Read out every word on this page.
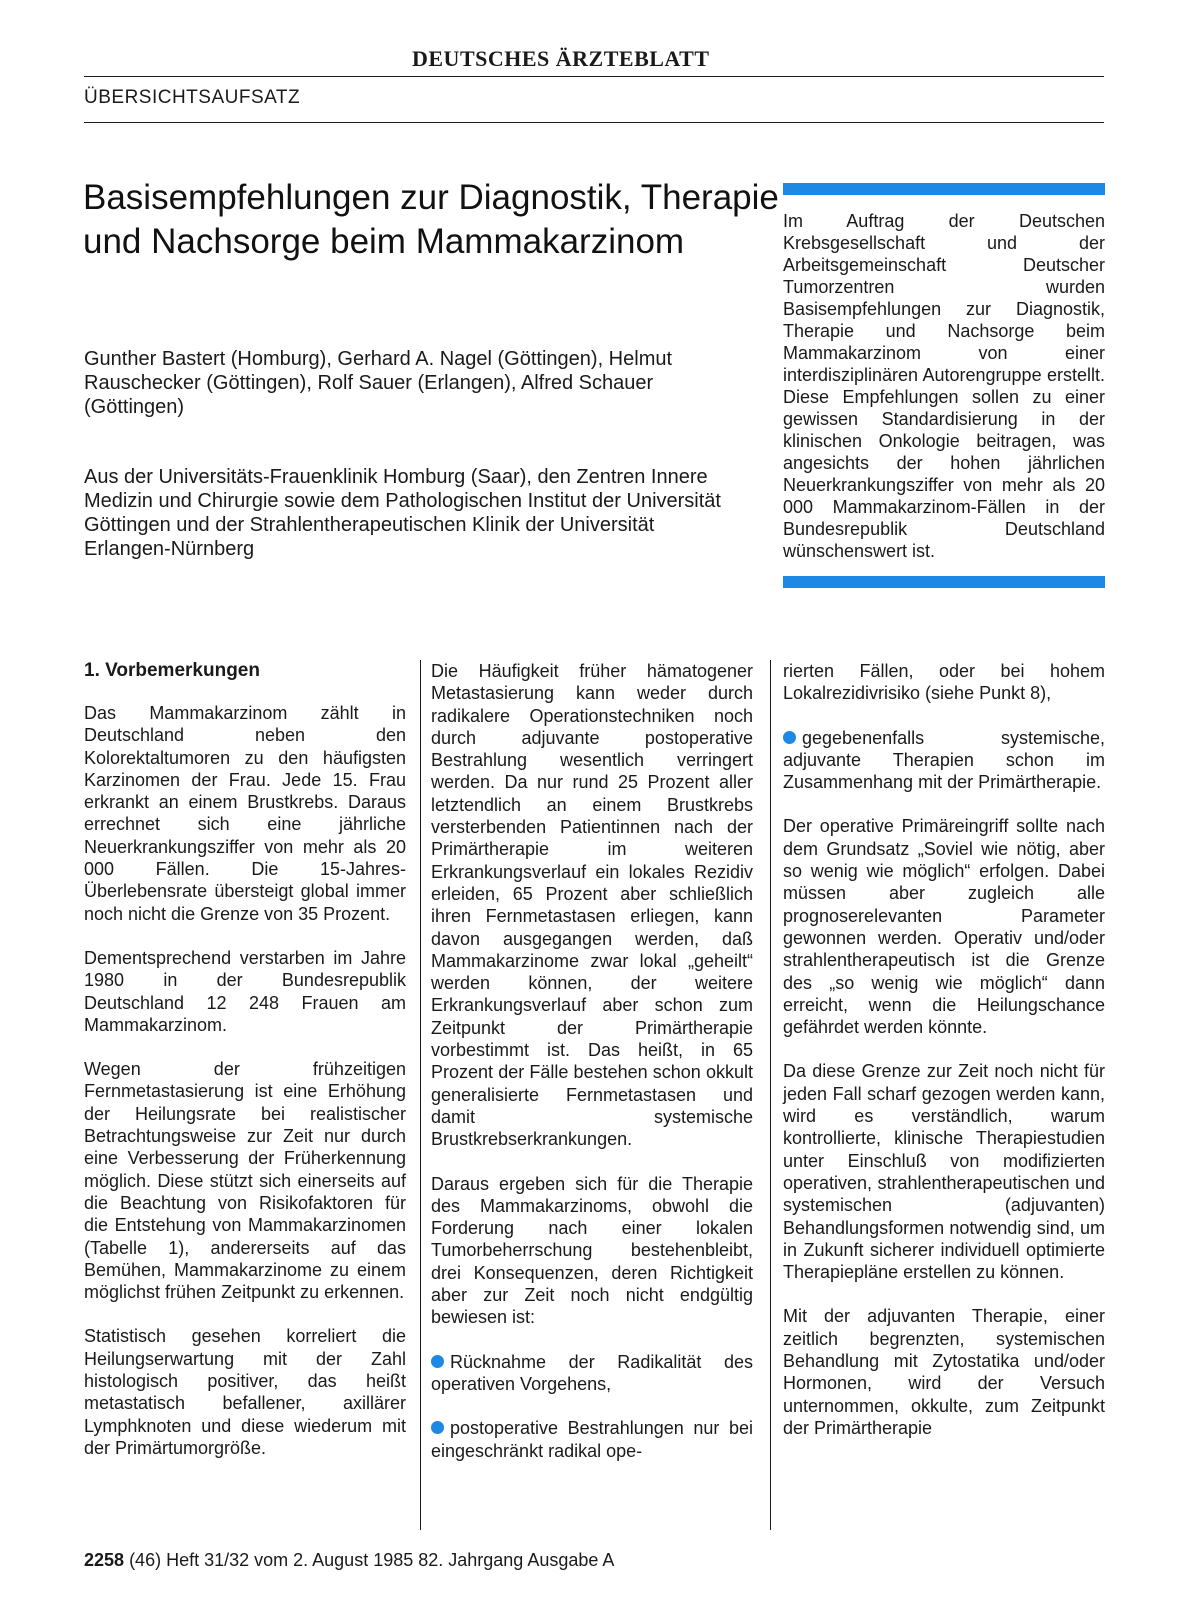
DEUTSCHES ÄRZTEBLATT
ÜBERSICHTSAUFSATZ
Basisempfehlungen zur Diagnostik, Therapie und Nachsorge beim Mammakarzinom
Gunther Bastert (Homburg), Gerhard A. Nagel (Göttingen), Helmut Rauschecker (Göttingen), Rolf Sauer (Erlangen), Alfred Schauer (Göttingen)
Aus der Universitäts-Frauenklinik Homburg (Saar), den Zentren Innere Medizin und Chirurgie sowie dem Pathologischen Institut der Universität Göttingen und der Strahlentherapeutischen Klinik der Universität Erlangen-Nürnberg
Im Auftrag der Deutschen Krebsgesellschaft und der Arbeitsgemeinschaft Deutscher Tumorzentren wurden Basisempfehlungen zur Diagnostik, Therapie und Nachsorge beim Mammakarzinom von einer interdisziplinären Autorengruppe erstellt. Diese Empfehlungen sollen zu einer gewissen Standardisierung in der klinischen Onkologie beitragen, was angesichts der hohen jährlichen Neuerkrankungsziffer von mehr als 20 000 Mammakarzinom-Fällen in der Bundesrepublik Deutschland wünschenswert ist.
1. Vorbemerkungen

Das Mammakarzinom zählt in Deutschland neben den Kolorektaltumoren zu den häufigsten Karzinomen der Frau. Jede 15. Frau erkrankt an einem Brustkrebs. Daraus errechnet sich eine jährliche Neuerkrankungsziffer von mehr als 20 000 Fällen. Die 15-Jahres-Überlebensrate übersteigt global immer noch nicht die Grenze von 35 Prozent.

Dementsprechend verstarben im Jahre 1980 in der Bundesrepublik Deutschland 12 248 Frauen am Mammakarzinom.

Wegen der frühzeitigen Fernmetastasierung ist eine Erhöhung der Heilungsrate bei realistischer Betrachtungsweise zur Zeit nur durch eine Verbesserung der Früherkennung möglich. Diese stützt sich einerseits auf die Beachtung von Risikofaktoren für die Entstehung von Mammakarzinomen (Tabelle 1), andererseits auf das Bemühen, Mammakarzinome zu einem möglichst frühen Zeitpunkt zu erkennen.

Statistisch gesehen korreliert die Heilungserwartung mit der Zahl histologisch positiver, das heißt metastatisch befallener, axillärer Lymphknoten und diese wiederum mit der Primärtumorgröße.

Die Häufigkeit früher hämatogener Metastasierung kann weder durch radikalere Operationstechniken noch durch adjuvante postoperative Bestrahlung wesentlich verringert werden. Da nur rund 25 Prozent aller letztendlich an einem Brustkrebs versterbenden Patientinnen nach der Primärtherapie im weiteren Erkrankungsverlauf ein lokales Rezidiv erleiden, 65 Prozent aber schließlich ihren Fernmetastasen erliegen, kann davon ausgegangen werden, daß Mammakarzinome zwar lokal „geheilt“ werden können, der weitere Erkrankungsverlauf aber schon zum Zeitpunkt der Primärtherapie vorbestimmt ist. Das heißt, in 65 Prozent der Fälle bestehen schon okkult generalisierte Fernmetastasen und damit systemische Brustkrebserkrankungen.

Daraus ergeben sich für die Therapie des Mammakarzinoms, obwohl die Forderung nach einer lokalen Tumorbeherrschung bestehenbleibt, drei Konsequenzen, deren Richtigkeit aber zur Zeit noch nicht endgültig bewiesen ist:

Rücknahme der Radikalität des operativen Vorgehens,

postoperative Bestrahlungen nur bei eingeschränkt radikal ope-

rierten Fällen, oder bei hohem Lokalrezidivrisiko (siehe Punkt 8),

gegebenenfalls systemische, adjuvante Therapien schon im Zusammenhang mit der Primärtherapie.

Der operative Primäreingriff sollte nach dem Grundsatz „Soviel wie nötig, aber so wenig wie möglich“ erfolgen. Dabei müssen aber zugleich alle prognoserelevanten Parameter gewonnen werden. Operativ und/oder strahlentherapeutisch ist die Grenze des „so wenig wie möglich“ dann erreicht, wenn die Heilungschance gefährdet werden könnte.

Da diese Grenze zur Zeit noch nicht für jeden Fall scharf gezogen werden kann, wird es verständlich, warum kontrollierte, klinische Therapiestudien unter Einschluß von modifizierten operativen, strahlentherapeutischen und systemischen (adjuvanten) Behandlungsformen notwendig sind, um in Zukunft sicherer individuell optimierte Therapiepläne erstellen zu können.

Mit der adjuvanten Therapie, einer zeitlich begrenzten, systemischen Behandlung mit Zytostatika und/oder Hormonen, wird der Versuch unternommen, okkulte, zum Zeitpunkt der Primärtherapie

2258 (46) Heft 31/32 vom 2. August 1985 82. Jahrgang Ausgabe A
